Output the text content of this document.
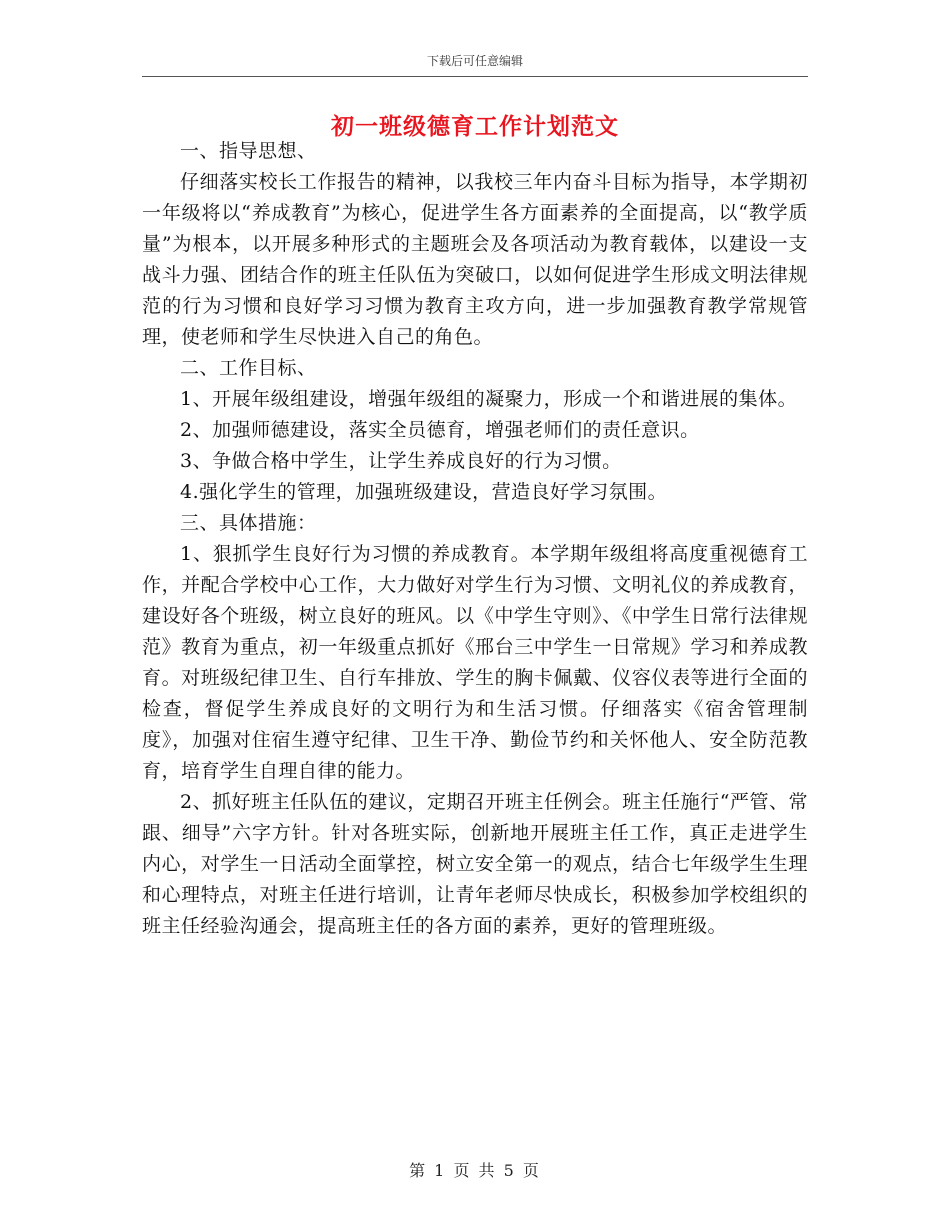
下载后可任意编辑
初一班级德育工作计划范文

一、指导思想、

仔细落实校长工作报告的精神，以我校三年内奋斗目标为指导，本学期初一年级将以“养成教育”为核心，促进学生各方面素养的全面提高，以“教学质量”为根本，以开展多种形式的主题班会及各项活动为教育载体，以建设一支战斗力强、团结合作的班主任队伍为突破口，以如何促进学生形成文明法律规范的行为习惯和良好学习习惯为教育主攻方向，进一步加强教育教学常规管理，使老师和学生尽快进入自己的角色。

二、工作目标、

1、开展年级组建设，增强年级组的凝聚力，形成一个和谐进展的集体。

2、加强师德建设，落实全员德育，增强老师们的责任意识。

3、争做合格中学生，让学生养成良好的行为习惯。

4.强化学生的管理，加强班级建设，营造良好学习氛围。

三、具体措施：

1、狠抓学生良好行为习惯的养成教育。本学期年级组将高度重视德育工作，并配合学校中心工作，大力做好对学生行为习惯、文明礼仪的养成教育，建设好各个班级，树立良好的班风。以《中学生守则》、《中学生日常行法律规范》教育为重点，初一年级重点抓好《邢台三中学生一日常规》学习和养成教育。对班级纪律卫生、自行车排放、学生的胸卡佩戴、仪容仪表等进行全面的检查，督促学生养成良好的文明行为和生活习惯。仔细落实《宿舍管理制度》，加强对住宿生遵守纪律、卫生干净、勤俭节约和关怀他人、安全防范教育，培育学生自理自律的能力。

2、抓好班主任队伍的建议，定期召开班主任例会。班主任施行“严管、常跟、细导”六字方针。针对各班实际，创新地开展班主任工作，真正走进学生内心，对学生一日活动全面掌控，树立安全第一的观点，结合七年级学生生理和心理特点，对班主任进行培训，让青年老师尽快成长，积极参加学校组织的班主任经验沟通会，提高班主任的各方面的素养，更好的管理班级。

第 1 页 共 5 页
